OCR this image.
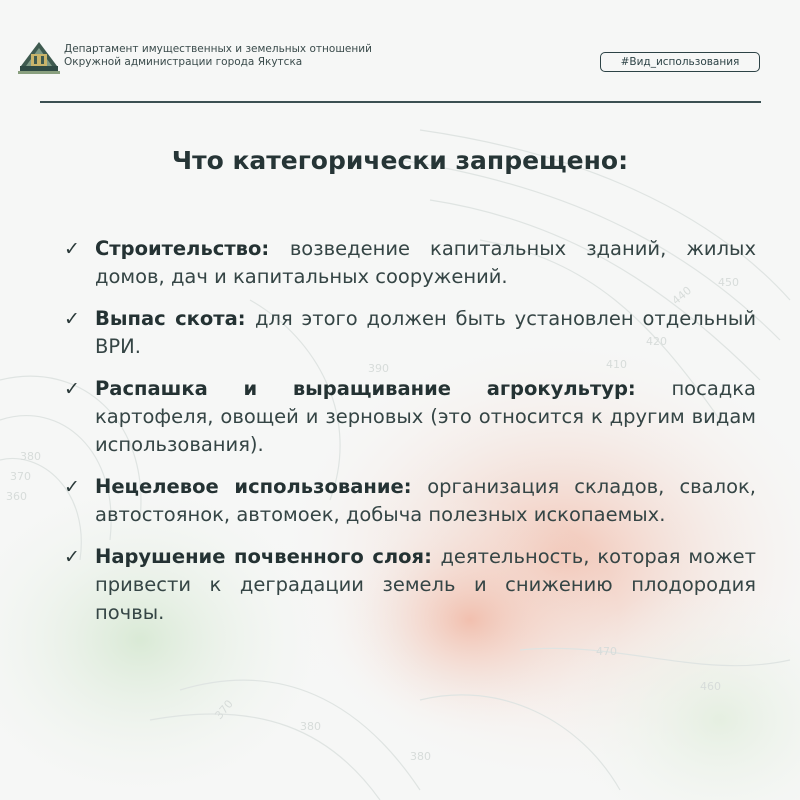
450
440
410
420
390
380
370
360
380
470
460
370
380
Департамент имущественных и земельных отношений
Окружной администрации города Якутска	#Вид_использования
Что категорически запрещено:
✓ Строительство: возведение капитальных зданий, жилых домов, дач и капитальных сооружений.
✓ Выпас скота: для этого должен быть установлен отдельный ВРИ.
✓ Распашка и выращивание агрокультур: посадка картофеля, овощей и зерновых (это относится к другим видам использования).
✓ Нецелевое использование: организация складов, свалок, автостоянок, автомоек, добыча полезных ископаемых.
✓ Нарушение почвенного слоя: деятельность, которая может привести к деградации земель и снижению плодородия почвы.
